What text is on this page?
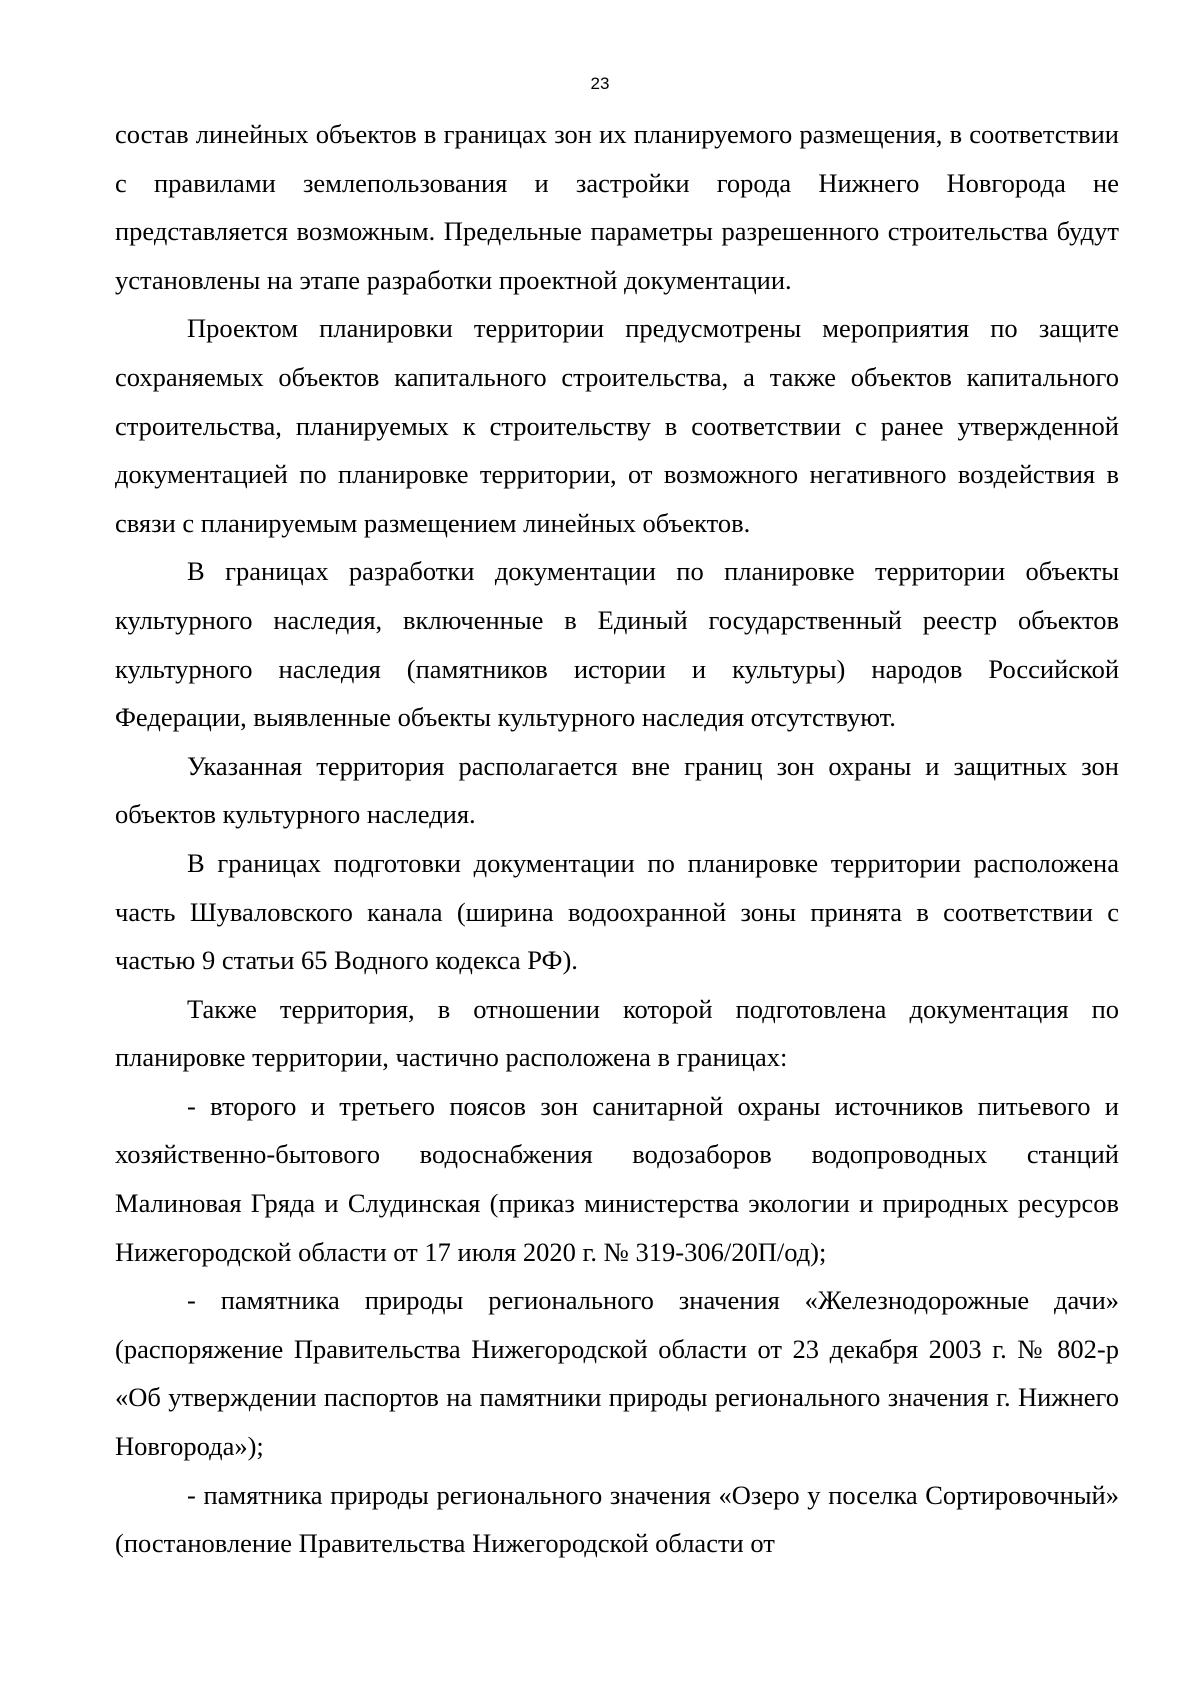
23

состав линейных объектов в границах зон их планируемого размещения, в соответствии с правилами землепользования и застройки города Нижнего Новгорода не представляется возможным. Предельные параметры разрешенного строительства будут установлены на этапе разработки проектной документации.

Проектом планировки территории предусмотрены мероприятия по защите сохраняемых объектов капитального строительства, а также объектов капитального строительства, планируемых к строительству в соответствии с ранее утвержденной документацией по планировке территории, от возможного негативного воздействия в связи с планируемым размещением линейных объектов.

В границах разработки документации по планировке территории объекты культурного наследия, включенные в Единый государственный реестр объектов культурного наследия (памятников истории и культуры) народов Российской Федерации, выявленные объекты культурного наследия отсутствуют.

Указанная территория располагается вне границ зон охраны и защитных зон объектов культурного наследия.

В границах подготовки документации по планировке территории расположена часть Шуваловского канала (ширина водоохранной зоны принята в соответствии с частью 9 статьи 65 Водного кодекса РФ).

Также территория, в отношении которой подготовлена документация по планировке территории, частично расположена в границах:

- второго и третьего поясов зон санитарной охраны источников питьевого и хозяйственно-бытового водоснабжения водозаборов водопроводных станций Малиновая Гряда и Слудинская (приказ министерства экологии и природных ресурсов Нижегородской области от 17 июля 2020 г. № 319-306/20П/од);

- памятника природы регионального значения «Железнодорожные дачи» (распоряжение Правительства Нижегородской области от 23 декабря 2003 г. № 802-р «Об утверждении паспортов на памятники природы регионального значения г. Нижнего Новгорода»);

- памятника природы регионального значения «Озеро у поселка Сортировочный» (постановление Правительства Нижегородской области от
